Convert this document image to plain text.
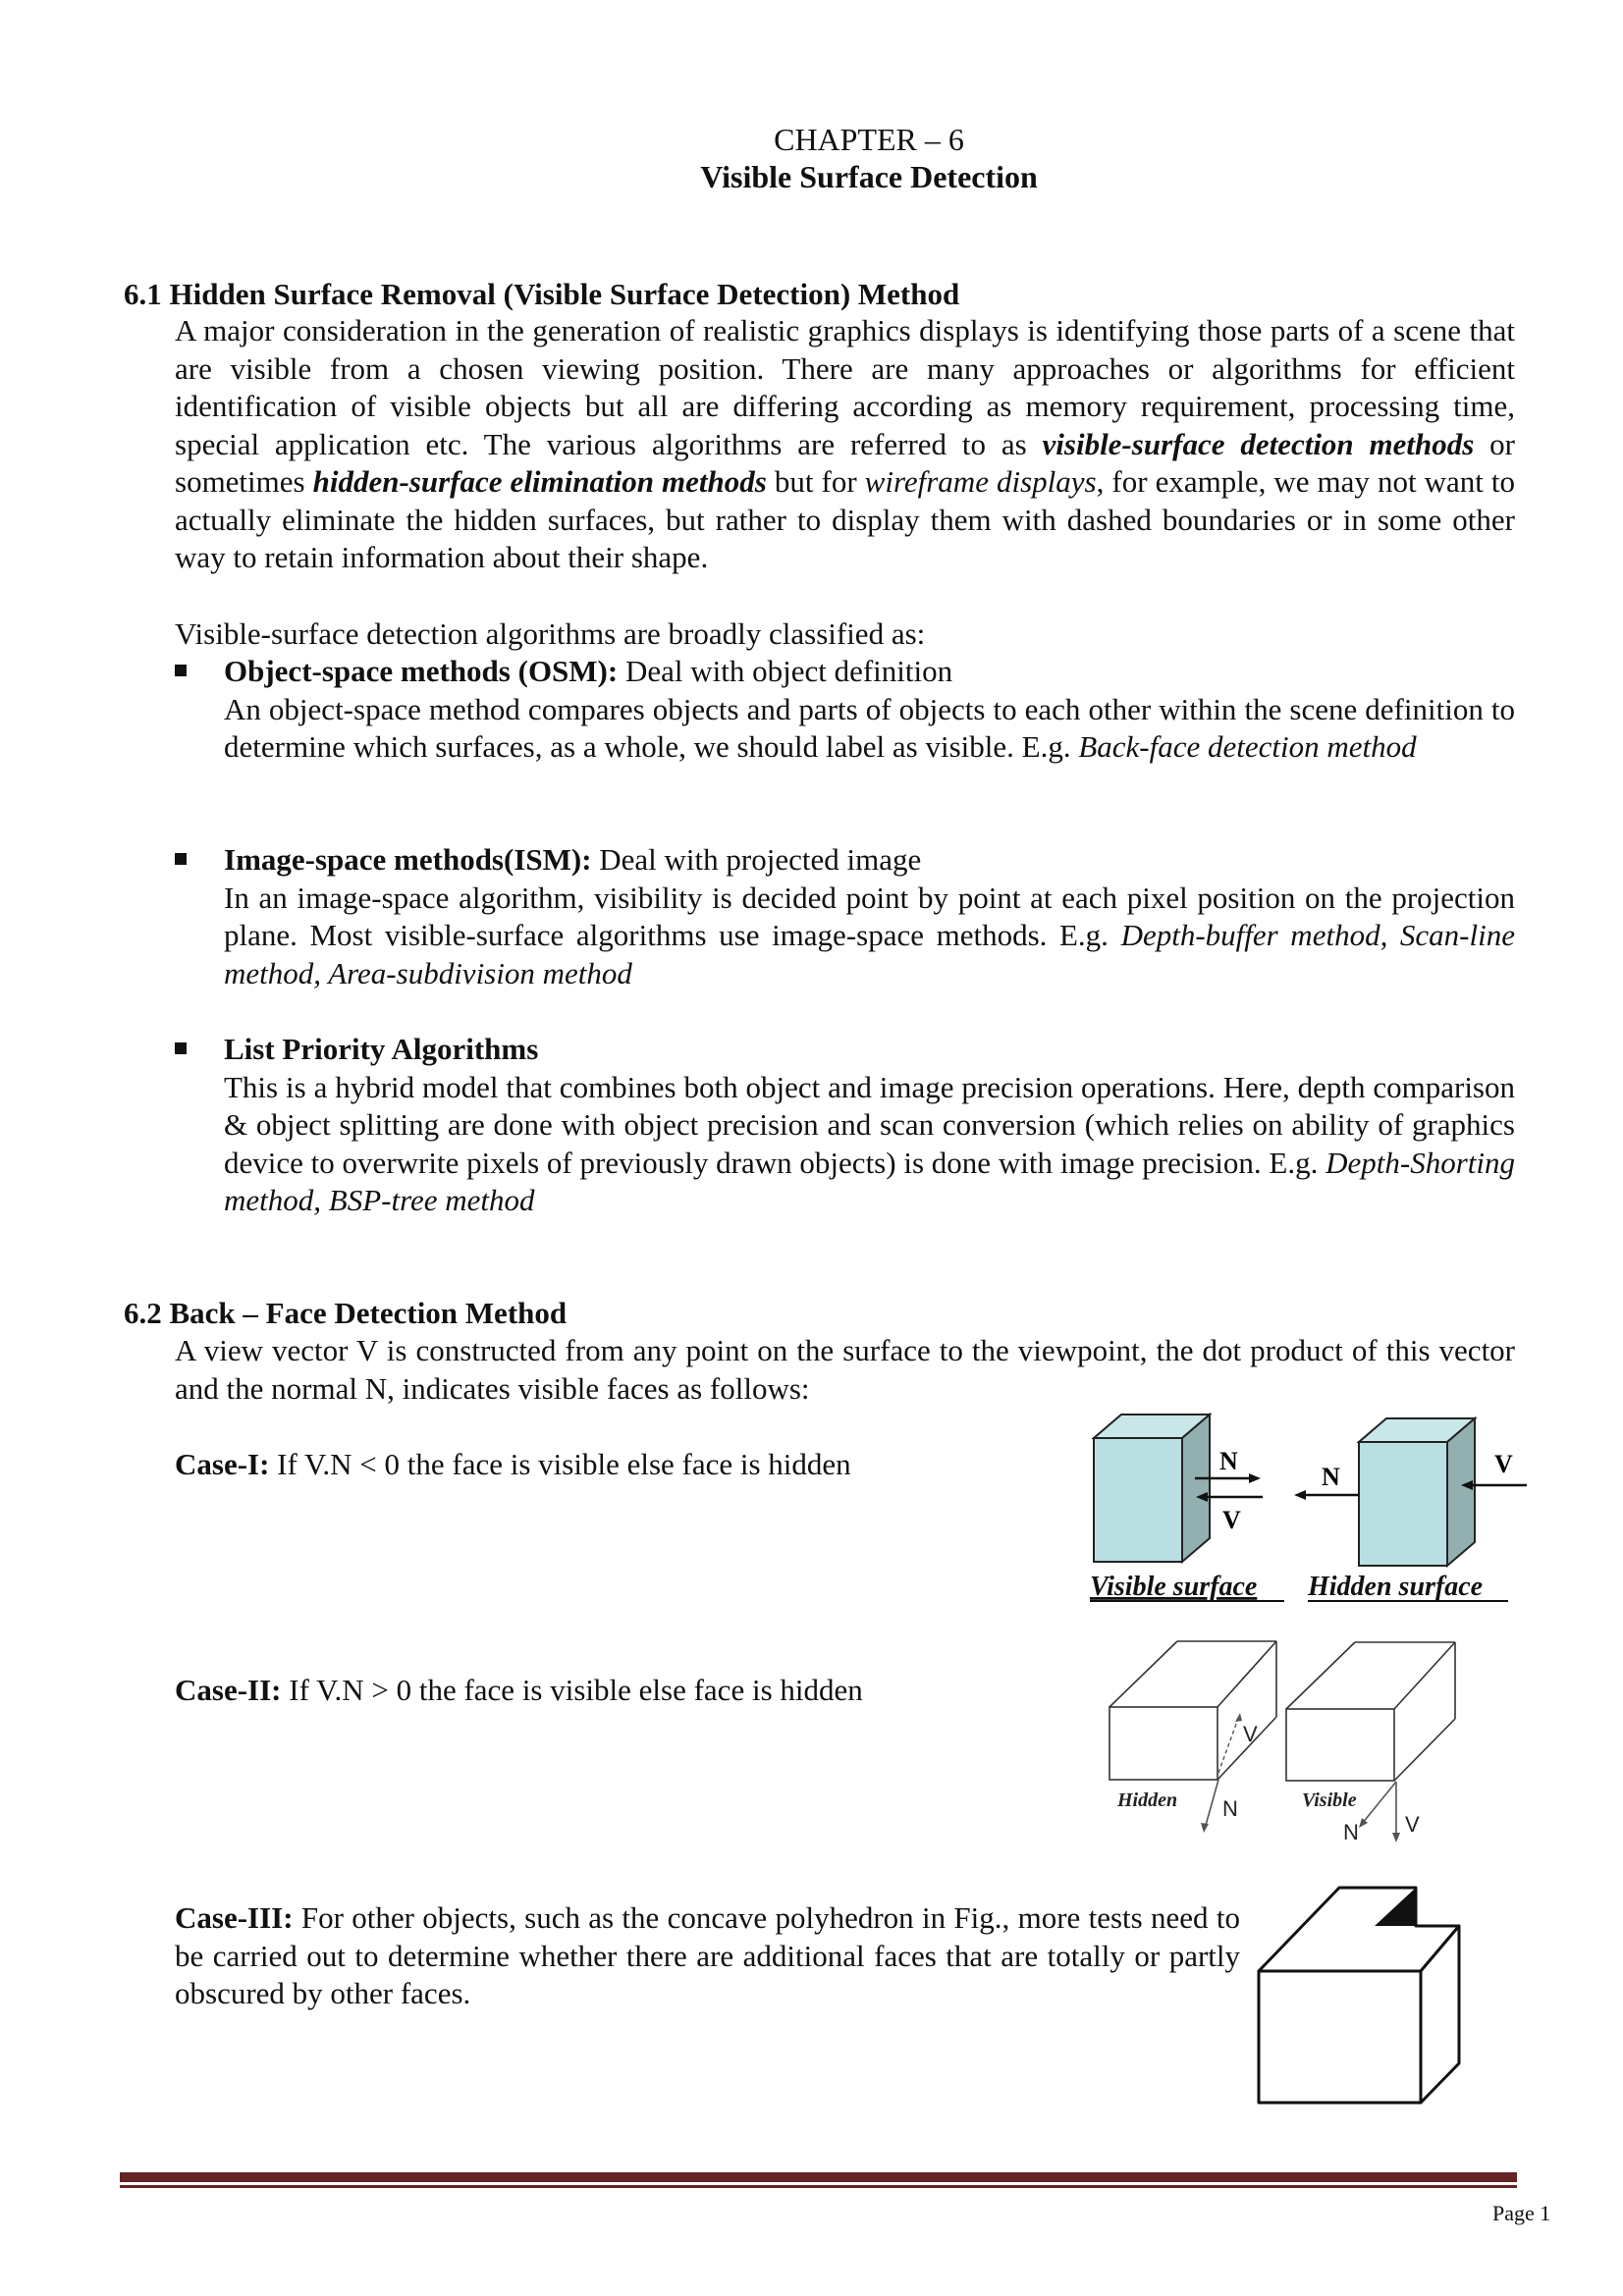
CHAPTER – 6
Visible Surface Detection
6.1 Hidden Surface Removal (Visible Surface Detection) Method
A major consideration in the generation of realistic graphics displays is identifying those parts of a scene that are visible from a chosen viewing position. There are many approaches or algorithms for efficient identification of visible objects but all are differing according as memory requirement, processing time, special application etc. The various algorithms are referred to as visible-surface detection methods or sometimes hidden-surface elimination methods but for wireframe displays, for example, we may not want to actually eliminate the hidden surfaces, but rather to display them with dashed boundaries or in some other way to retain information about their shape.
Visible-surface detection algorithms are broadly classified as:
Object-space methods (OSM): Deal with object definition
An object-space method compares objects and parts of objects to each other within the scene definition to determine which surfaces, as a whole, we should label as visible. E.g. Back-face detection method
Image-space methods(ISM): Deal with projected image
In an image-space algorithm, visibility is decided point by point at each pixel position on the projection plane. Most visible-surface algorithms use image-space methods. E.g. Depth-buffer method, Scan-line method, Area-subdivision method
List Priority Algorithms
This is a hybrid model that combines both object and image precision operations. Here, depth comparison & object splitting are done with object precision and scan conversion (which relies on ability of graphics device to overwrite pixels of previously drawn objects) is done with image precision. E.g. Depth-Shorting method, BSP-tree method
6.2 Back – Face Detection Method
A view vector V is constructed from any point on the surface to the viewpoint, the dot product of this vector and the normal N, indicates visible faces as follows:
Case-I: If V.N < 0 the face is visible else face is hidden
Case-II: If V.N > 0 the face is visible else face is hidden
Case-III: For other objects, such as the concave polyhedron in Fig., more tests need to be carried out to determine whether there are additional faces that are totally or partly obscured by other faces.
N
V
N	V
Visible surface Hidden surface
V
N
Hidden
V
N
Visible
Page 1
